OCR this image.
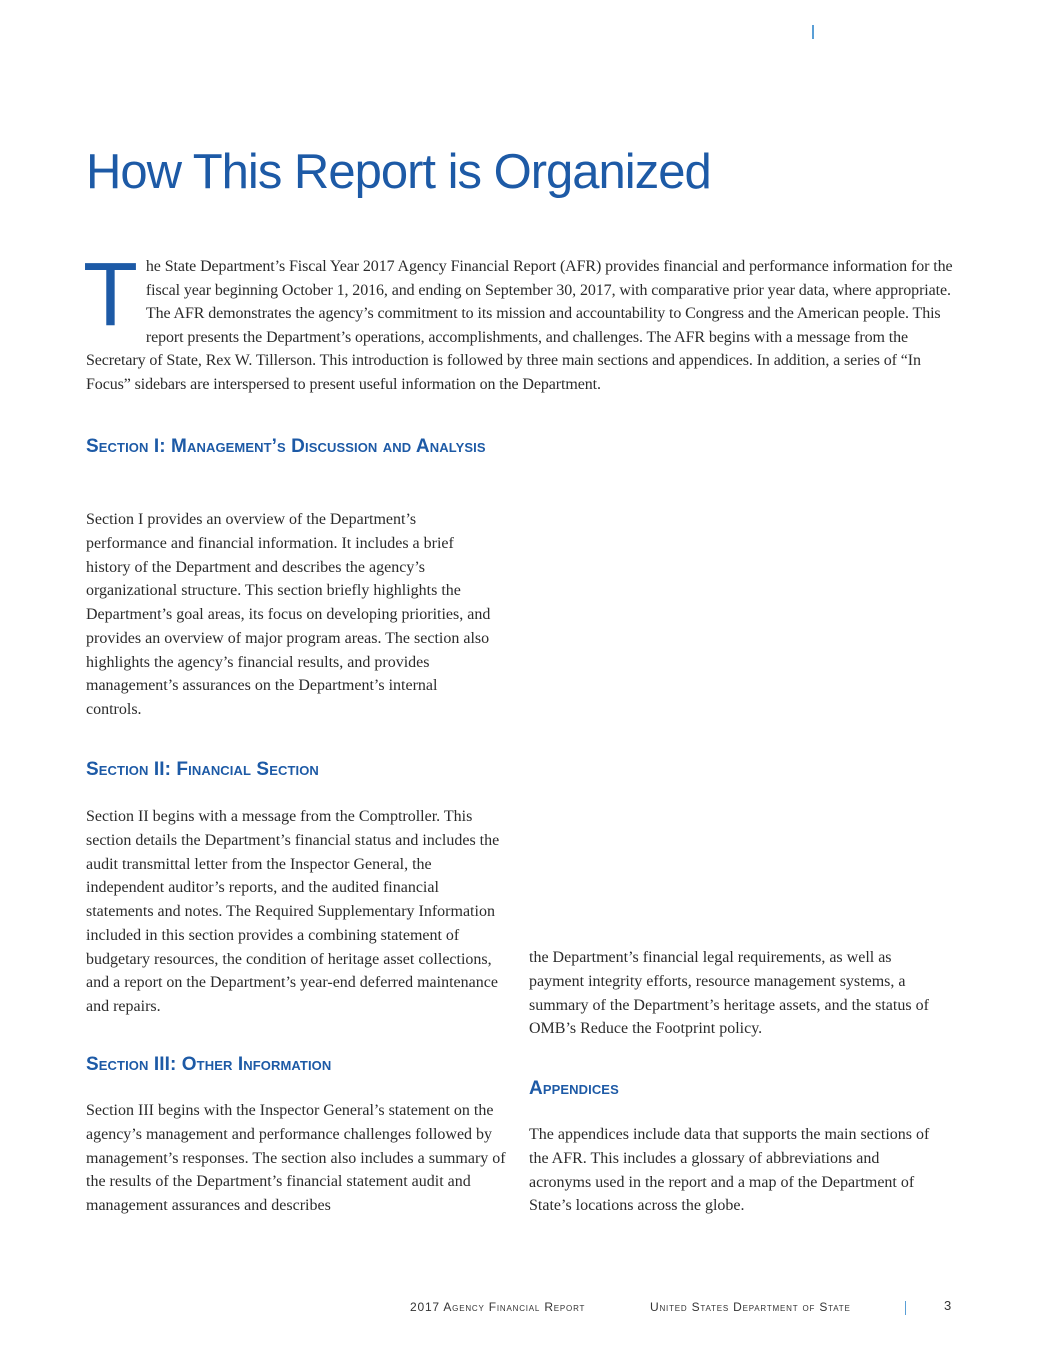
How This Report is Organized

The State Department’s Fiscal Year 2017 Agency Financial Report (AFR) provides financial and performance information for the fiscal year beginning October 1, 2016, and ending on September 30, 2017, with comparative prior year data, where appropriate. The AFR demonstrates the agency’s commitment to its mission and accountability to Congress and the American people. This report presents the Department’s operations, accomplishments, and challenges. The AFR begins with a message from the Secretary of State, Rex W. Tillerson. This introduction is followed by three main sections and appendices. In addition, a series of “In Focus” sidebars are interspersed to present useful information on the Department.

Section I: Management’s Discussion and Analysis

Section I provides an overview of the Department’s performance and financial information. It includes a brief history of the Department and describes the agency’s organizational structure. This section briefly highlights the Department’s goal areas, its focus on developing priorities, and provides an overview of major program areas. The section also highlights the agency’s financial results, and provides management’s assurances on the Department’s internal controls.

Section II: Financial Section

Section II begins with a message from the Comptroller. This section details the Department’s financial status and includes the audit transmittal letter from the Inspector General, the independent auditor’s reports, and the audited financial statements and notes. The Required Supplementary Information included in this section provides a combining statement of budgetary resources, the condition of heritage asset collections, and a report on the Department’s year-end deferred maintenance and repairs.

Section III: Other Information

Section III begins with the Inspector General’s statement on the agency’s management and performance challenges followed by management’s responses. The section also includes a summary of the results of the Department’s financial statement audit and management assurances and describes

the Department’s financial legal requirements, as well as payment integrity efforts, resource management systems, a summary of the Department’s heritage assets, and the status of OMB’s Reduce the Footprint policy.

Appendices

The appendices include data that supports the main sections of the AFR. This includes a glossary of abbreviations and acronyms used in the report and a map of the Department of State’s locations across the globe.

2017 Agency Financial Report	United States Department of State	3
